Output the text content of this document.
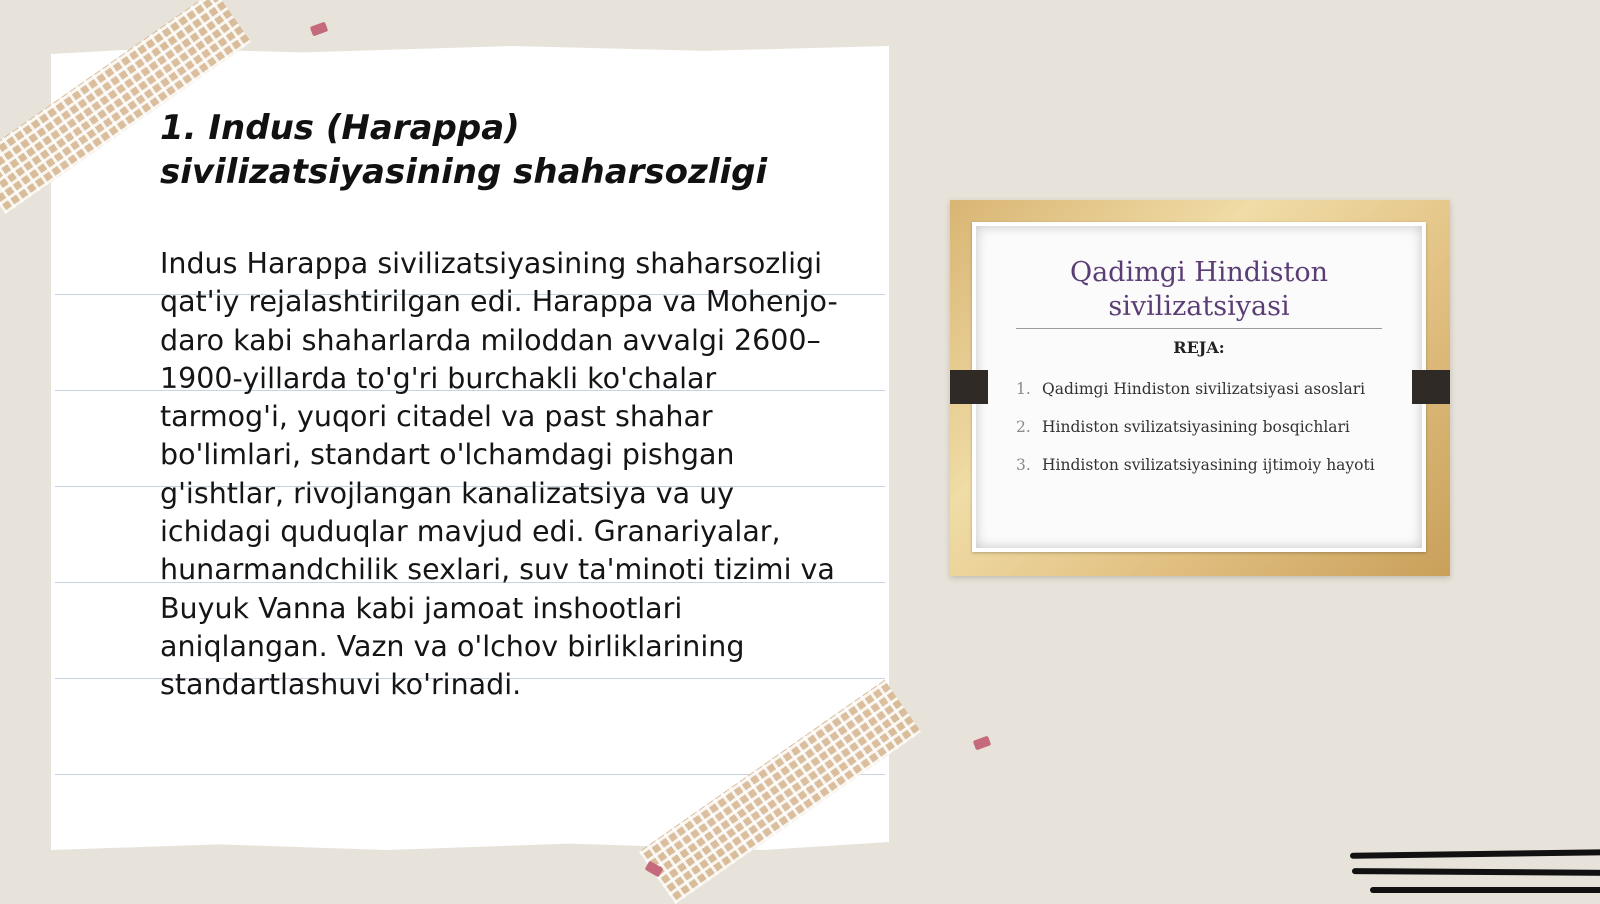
1. Indus (Harappa) sivilizatsiyasining shaharsozligi

Indus Harappa sivilizatsiyasining shaharsozligi qat'iy rejalashtirilgan edi. Harappa va Mohenjo-daro kabi shaharlarda miloddan avvalgi 2600–1900-yillarda to'g'ri burchakli ko'chalar tarmog'i, yuqori citadel va past shahar bo'limlari, standart o'lchamdagi pishgan g'ishtlar, rivojlangan kanalizatsiya va uy ichidagi quduqlar mavjud edi. Granariyalar, hunarmandchilik sexlari, suv ta'minoti tizimi va Buyuk Vanna kabi jamoat inshootlari aniqlangan. Vazn va o'lchov birliklarining standartlashuvi ko'rinadi.

Qadimgi Hindiston sivilizatsiyasi
REJA:
1. Qadimgi Hindiston sivilizatsiyasi asoslari
2. Hindiston svilizatsiyasining bosqichlari
3. Hindiston svilizatsiyasining ijtimoiy hayoti
